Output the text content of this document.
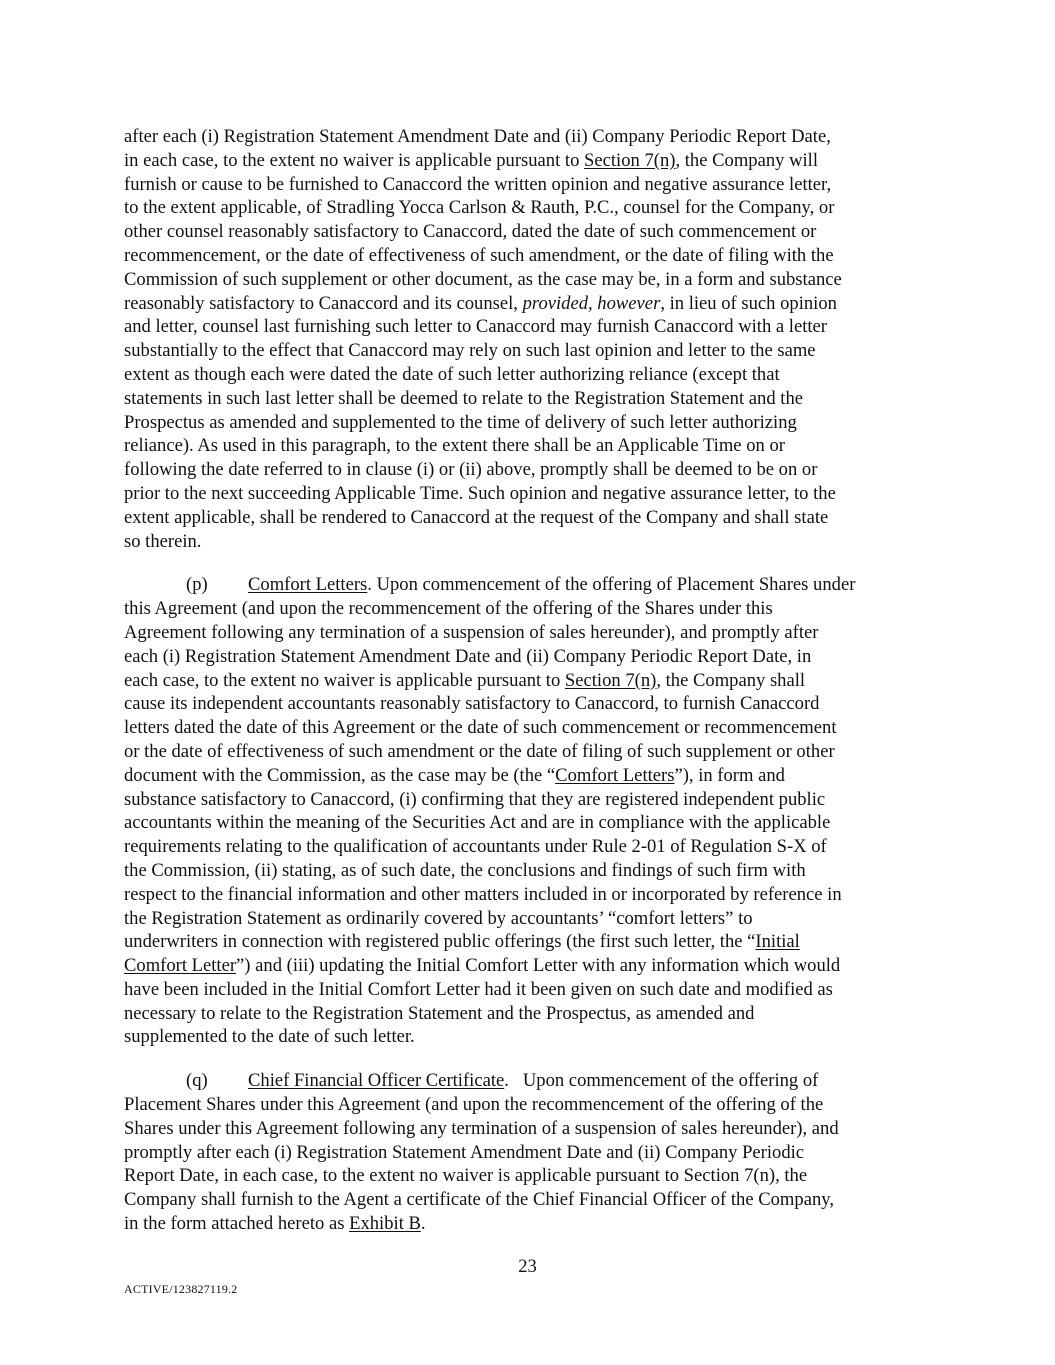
after each (i) Registration Statement Amendment Date and (ii) Company Periodic Report Date,
in each case, to the extent no waiver is applicable pursuant to Section 7(n), the Company will
furnish or cause to be furnished to Canaccord the written opinion and negative assurance letter,
to the extent applicable, of Stradling Yocca Carlson & Rauth, P.C., counsel for the Company, or
other counsel reasonably satisfactory to Canaccord, dated the date of such commencement or
recommencement, or the date of effectiveness of such amendment, or the date of filing with the
Commission of such supplement or other document, as the case may be, in a form and substance
reasonably satisfactory to Canaccord and its counsel, provided, however, in lieu of such opinion
and letter, counsel last furnishing such letter to Canaccord may furnish Canaccord with a letter
substantially to the effect that Canaccord may rely on such last opinion and letter to the same
extent as though each were dated the date of such letter authorizing reliance (except that
statements in such last letter shall be deemed to relate to the Registration Statement and the
Prospectus as amended and supplemented to the time of delivery of such letter authorizing
reliance). As used in this paragraph, to the extent there shall be an Applicable Time on or
following the date referred to in clause (i) or (ii) above, promptly shall be deemed to be on or
prior to the next succeeding Applicable Time. Such opinion and negative assurance letter, to the
extent applicable, shall be rendered to Canaccord at the request of the Company and shall state
so therein.

(p) Comfort Letters. Upon commencement of the offering of Placement Shares under
this Agreement (and upon the recommencement of the offering of the Shares under this
Agreement following any termination of a suspension of sales hereunder), and promptly after
each (i) Registration Statement Amendment Date and (ii) Company Periodic Report Date, in
each case, to the extent no waiver is applicable pursuant to Section 7(n), the Company shall
cause its independent accountants reasonably satisfactory to Canaccord, to furnish Canaccord
letters dated the date of this Agreement or the date of such commencement or recommencement
or the date of effectiveness of such amendment or the date of filing of such supplement or other
document with the Commission, as the case may be (the “Comfort Letters”), in form and
substance satisfactory to Canaccord, (i) confirming that they are registered independent public
accountants within the meaning of the Securities Act and are in compliance with the applicable
requirements relating to the qualification of accountants under Rule 2-01 of Regulation S-X of
the Commission, (ii) stating, as of such date, the conclusions and findings of such firm with
respect to the financial information and other matters included in or incorporated by reference in
the Registration Statement as ordinarily covered by accountants’ “comfort letters” to
underwriters in connection with registered public offerings (the first such letter, the “Initial
Comfort Letter”) and (iii) updating the Initial Comfort Letter with any information which would
have been included in the Initial Comfort Letter had it been given on such date and modified as
necessary to relate to the Registration Statement and the Prospectus, as amended and
supplemented to the date of such letter.

(q) Chief Financial Officer Certificate.   Upon commencement of the offering of
Placement Shares under this Agreement (and upon the recommencement of the offering of the
Shares under this Agreement following any termination of a suspension of sales hereunder), and
promptly after each (i) Registration Statement Amendment Date and (ii) Company Periodic
Report Date, in each case, to the extent no waiver is applicable pursuant to Section 7(n), the
Company shall furnish to the Agent a certificate of the Chief Financial Officer of the Company,
in the form attached hereto as Exhibit B.

23
ACTIVE/123827119.2
